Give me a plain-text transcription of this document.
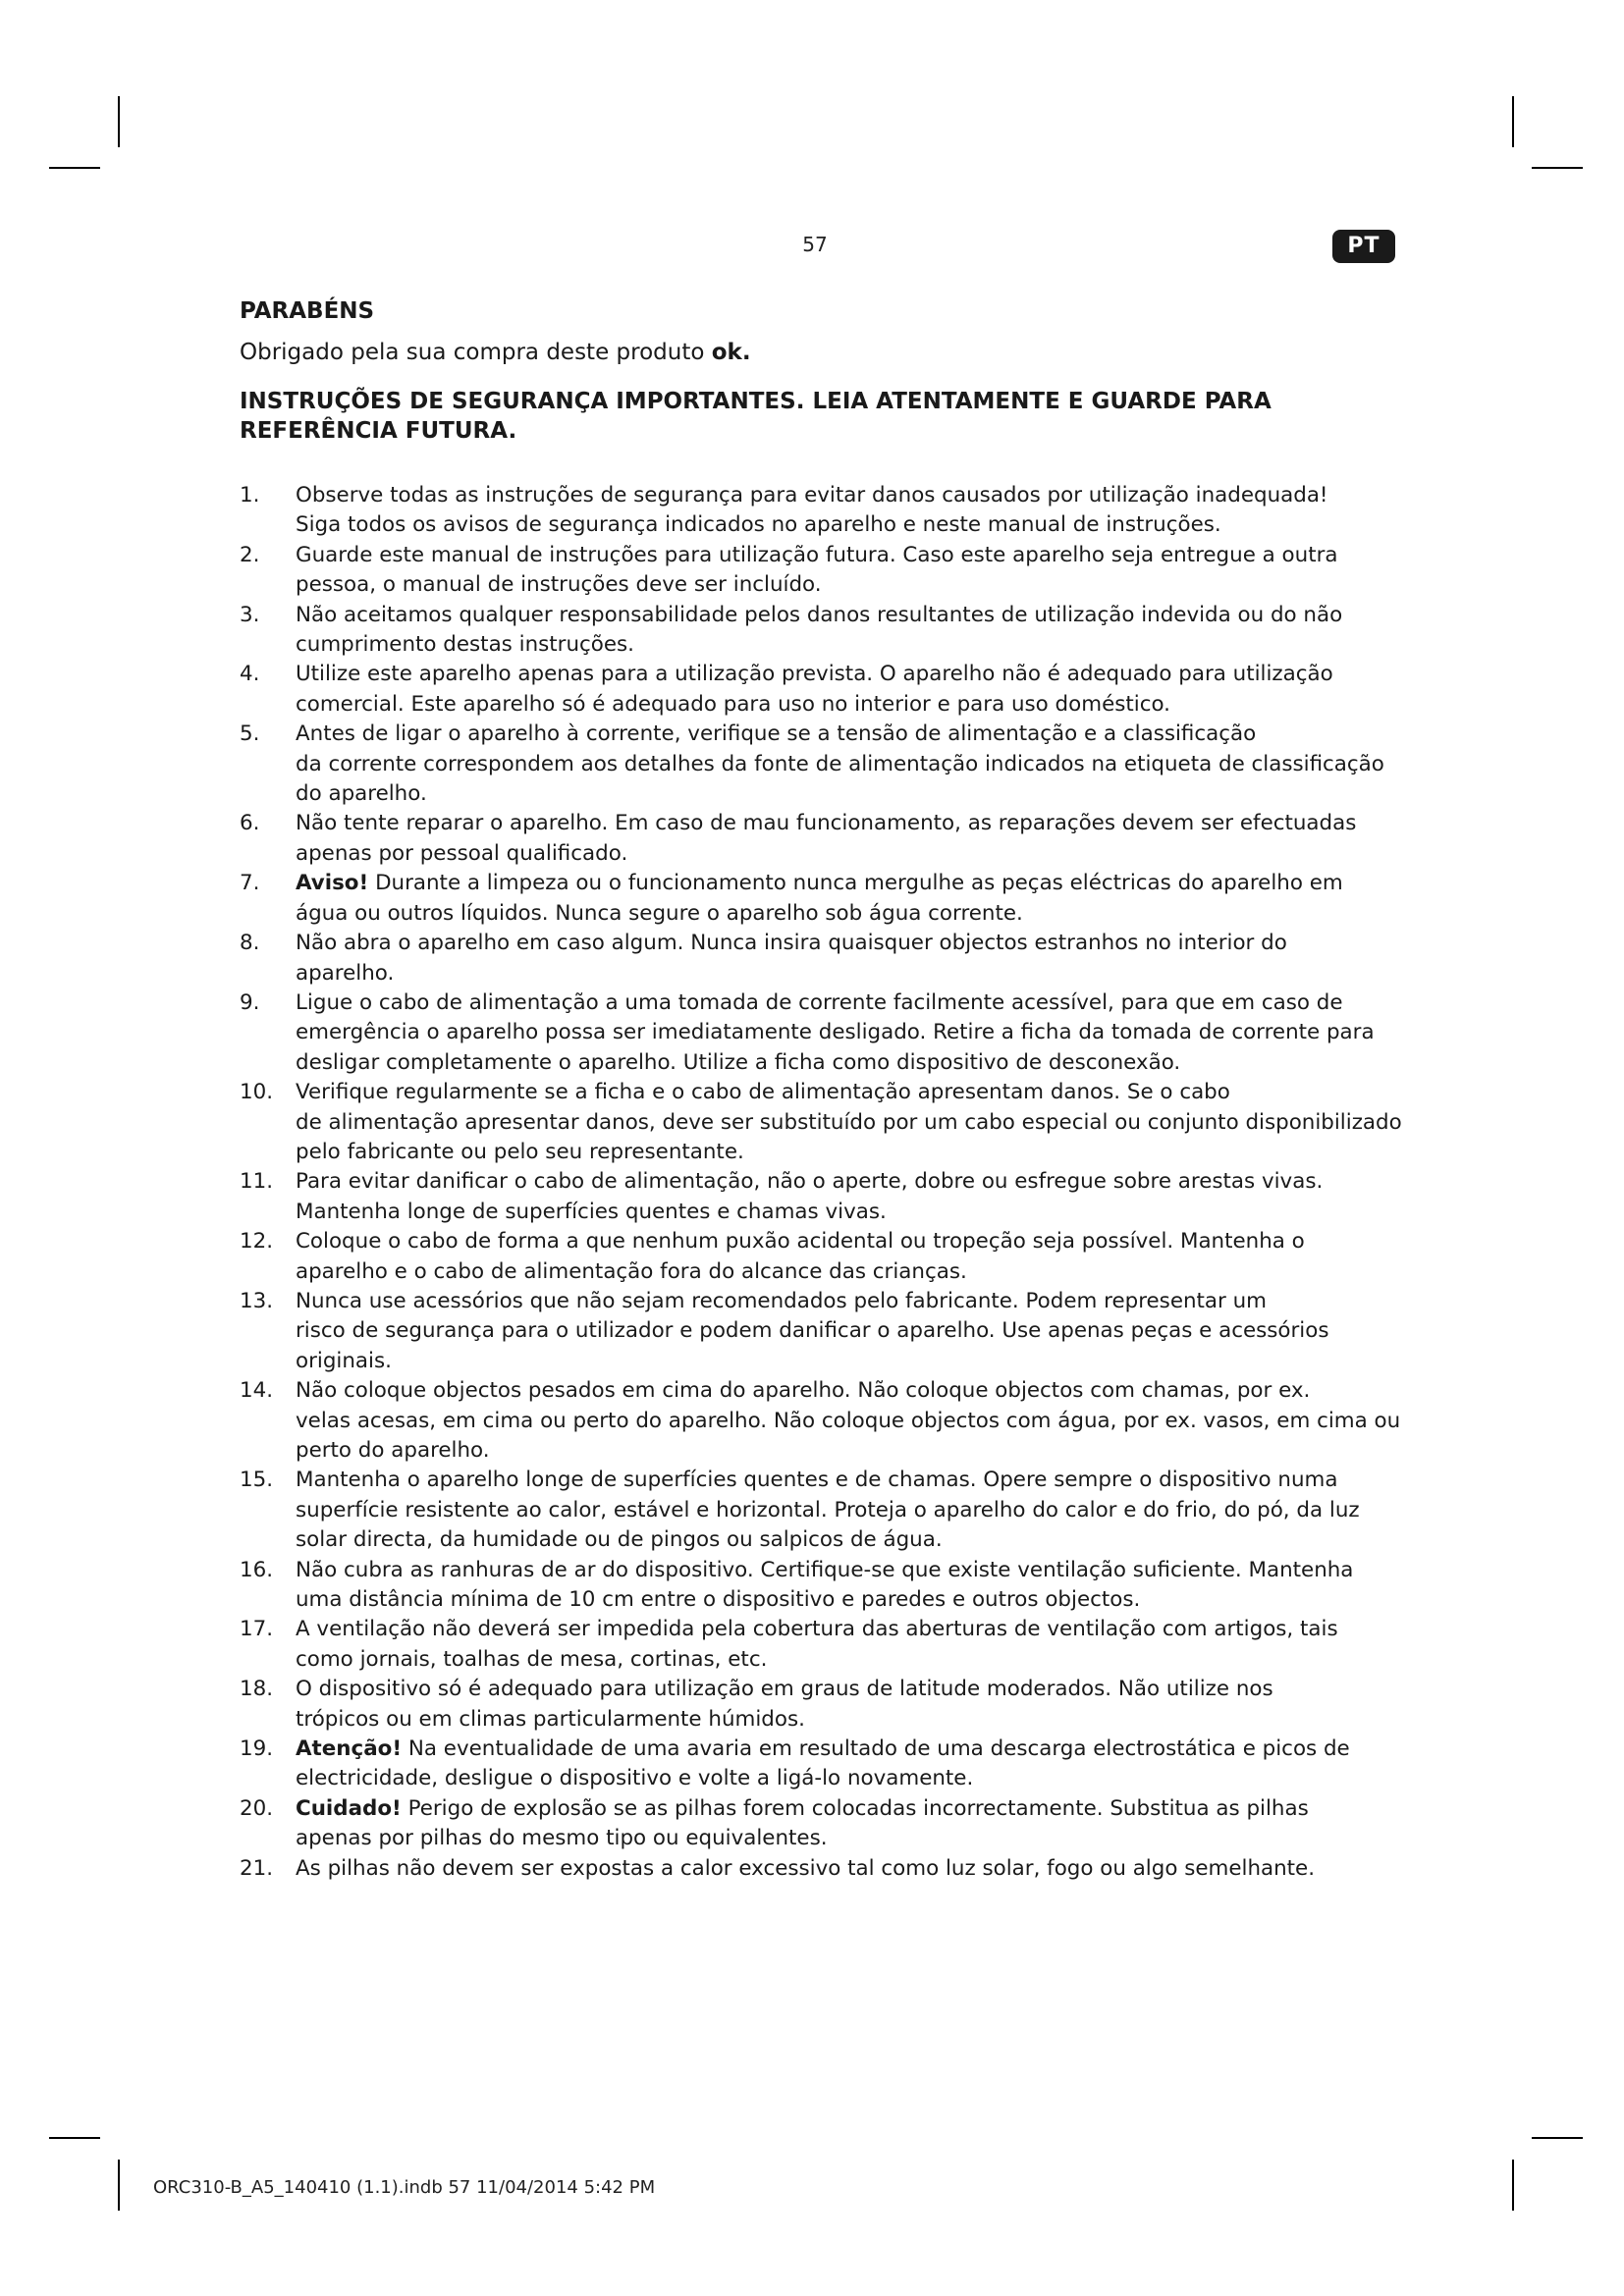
57	PT
PARABÉNS

Obrigado pela sua compra deste produto ok.

INSTRUÇÕES DE SEGURANÇA IMPORTANTES. LEIA ATENTAMENTE E GUARDE PARA REFERÊNCIA FUTURA.
1. Observe todas as instruções de segurança para evitar danos causados por utilização inadequada!
Siga todos os avisos de segurança indicados no aparelho e neste manual de instruções.
2. Guarde este manual de instruções para utilização futura. Caso este aparelho seja entregue a outra
pessoa, o manual de instruções deve ser incluído.
3. Não aceitamos qualquer responsabilidade pelos danos resultantes de utilização indevida ou do não
cumprimento destas instruções.
4. Utilize este aparelho apenas para a utilização prevista. O aparelho não é adequado para utilização
comercial. Este aparelho só é adequado para uso no interior e para uso doméstico.
5. Antes de ligar o aparelho à corrente, verifique se a tensão de alimentação e a classificação
da corrente correspondem aos detalhes da fonte de alimentação indicados na etiqueta de classificação do aparelho.
6. Não tente reparar o aparelho. Em caso de mau funcionamento, as reparações devem ser efectuadas
apenas por pessoal qualificado.
7. Aviso! Durante a limpeza ou o funcionamento nunca mergulhe as peças eléctricas do aparelho em
água ou outros líquidos. Nunca segure o aparelho sob água corrente.
8. Não abra o aparelho em caso algum. Nunca insira quaisquer objectos estranhos no interior do
aparelho.
9. Ligue o cabo de alimentação a uma tomada de corrente facilmente acessível, para que em caso de
emergência o aparelho possa ser imediatamente desligado. Retire a ficha da tomada de corrente para desligar completamente o aparelho. Utilize a ficha como dispositivo de desconexão.
10. Verifique regularmente se a ficha e o cabo de alimentação apresentam danos. Se o cabo
de alimentação apresentar danos, deve ser substituído por um cabo especial ou conjunto disponibilizado pelo fabricante ou pelo seu representante.
11. Para evitar danificar o cabo de alimentação, não o aperte, dobre ou esfregue sobre arestas vivas.
Mantenha longe de superfícies quentes e chamas vivas.
12. Coloque o cabo de forma a que nenhum puxão acidental ou tropeção seja possível. Mantenha o
aparelho e o cabo de alimentação fora do alcance das crianças.
13. Nunca use acessórios que não sejam recomendados pelo fabricante. Podem representar um
risco de segurança para o utilizador e podem danificar o aparelho. Use apenas peças e acessórios originais.
14. Não coloque objectos pesados em cima do aparelho. Não coloque objectos com chamas, por ex.
velas acesas, em cima ou perto do aparelho. Não coloque objectos com água, por ex. vasos, em cima ou perto do aparelho.
15. Mantenha o aparelho longe de superfícies quentes e de chamas. Opere sempre o dispositivo numa
superfície resistente ao calor, estável e horizontal. Proteja o aparelho do calor e do frio, do pó, da luz solar directa, da humidade ou de pingos ou salpicos de água.
16. Não cubra as ranhuras de ar do dispositivo. Certifique-se que existe ventilação suficiente. Mantenha
uma distância mínima de 10 cm entre o dispositivo e paredes e outros objectos.
17. A ventilação não deverá ser impedida pela cobertura das aberturas de ventilação com artigos, tais
como jornais, toalhas de mesa, cortinas, etc.
18. O dispositivo só é adequado para utilização em graus de latitude moderados. Não utilize nos
trópicos ou em climas particularmente húmidos.
19. Atenção! Na eventualidade de uma avaria em resultado de uma descarga electrostática e picos de
electricidade, desligue o dispositivo e volte a ligá-lo novamente.
20. Cuidado! Perigo de explosão se as pilhas forem colocadas incorrectamente. Substitua as pilhas
apenas por pilhas do mesmo tipo ou equivalentes.
21. As pilhas não devem ser expostas a calor excessivo tal como luz solar, fogo ou algo semelhante.
ORC310-B_A5_140410 (1.1).indb 57 11/04/2014 5:42 PM
